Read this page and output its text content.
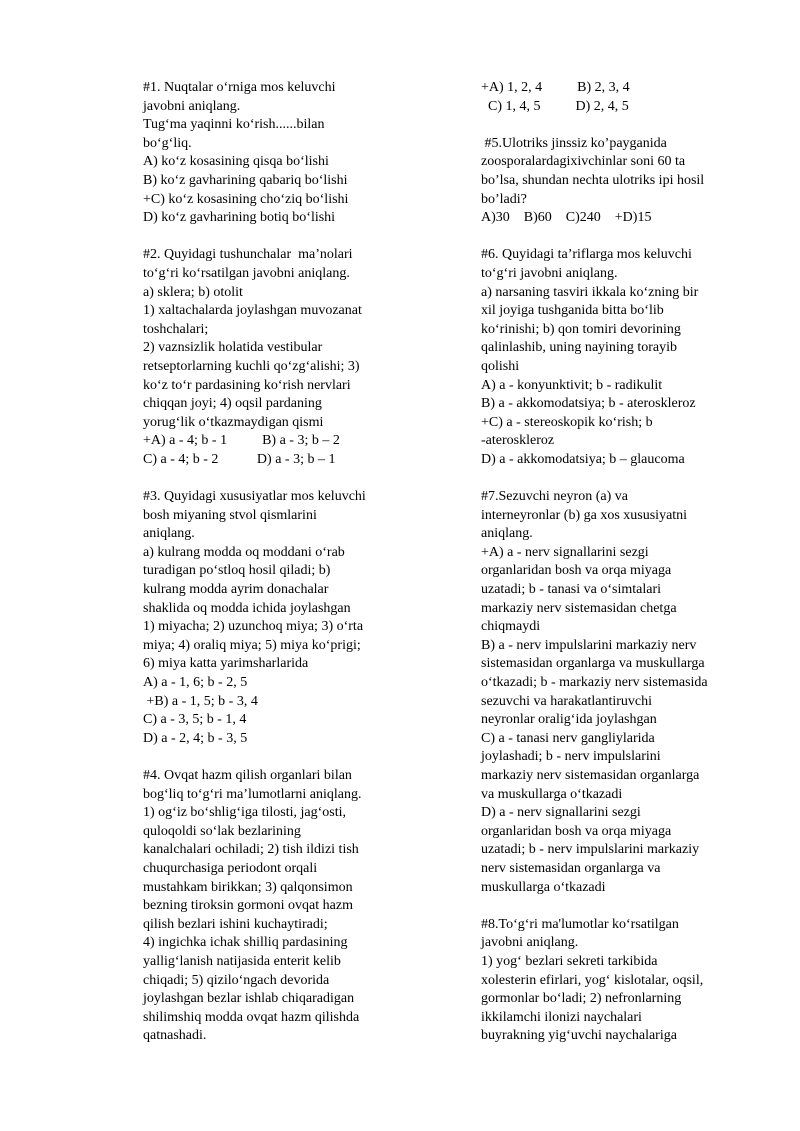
#1. Nuqtalar o‘rniga mos keluvchi
javobni aniqlang.
Tug‘ma yaqinni ko‘rish......bilan
bo‘g‘liq.
A) ko‘z kosasining qisqa bo‘lishi
B) ko‘z gavharining qabariq bo‘lishi
+C) ko‘z kosasining cho‘ziq bo‘lishi
D) ko‘z gavharining botiq bo‘lishi
#2. Quyidagi tushunchalar  ma’nolari
to‘g‘ri ko‘rsatilgan javobni aniqlang.
a) sklera; b) otolit
1) xaltachalarda joylashgan muvozanat
toshchalari;
2) vaznsizlik holatida vestibular
retseptorlarning kuchli qo‘zg‘alishi; 3)
ko‘z to‘r pardasining ko‘rish nervlari
chiqqan joyi; 4) oqsil pardaning
yorug‘lik o‘tkazmaydigan qismi
+A) a - 4; b - 1          B) a - 3; b – 2
C) a - 4; b - 2           D) a - 3; b – 1
#3. Quyidagi xususiyatlar mos keluvchi
bosh miyaning stvol qismlarini
aniqlang.
a) kulrang modda oq moddani o‘rab
turadigan po‘stloq hosil qiladi; b)
kulrang modda ayrim donachalar
shaklida oq modda ichida joylashgan
1) miyacha; 2) uzunchoq miya; 3) o‘rta
miya; 4) oraliq miya; 5) miya ko‘prigi;
6) miya katta yarimsharlarida
A) a - 1, 6; b - 2, 5
+B) a - 1, 5; b - 3, 4
C) a - 3, 5; b - 1, 4
D) a - 2, 4; b - 3, 5
#4. Ovqat hazm qilish organlari bilan
bog‘liq to‘g‘ri ma’lumotlarni aniqlang.
1) og‘iz bo‘shlig‘iga tilosti, jag‘osti,
quloqoldi so‘lak bezlarining
kanalchalari ochiladi; 2) tish ildizi tish
chuqurchasiga periodont orqali
mustahkam birikkan; 3) qalqonsimon
bezning tiroksin gormoni ovqat hazm
qilish bezlari ishini kuchaytiradi;
4) ingichka ichak shilliq pardasining
yallig‘lanish natijasida enterit kelib
chiqadi; 5) qizilo‘ngach devorida
joylashgan bezlar ishlab chiqaradigan
shilimshiq modda ovqat hazm qilishda
qatnashadi.
+A) 1, 2, 4          B) 2, 3, 4
C) 1, 4, 5          D) 2, 4, 5
#5.Ulotriks jinssiz ko’payganida
zoosporalardagixivchinlar soni 60 ta
bo’lsa, shundan nechta ulotriks ipi hosil
bo’ladi?
A)30    B)60    C)240    +D)15
#6. Quyidagi ta’riflarga mos keluvchi
to‘g‘ri javobni aniqlang.
a) narsaning tasviri ikkala ko‘zning bir
xil joyiga tushganida bitta bo‘lib
ko‘rinishi; b) qon tomiri devorining
qalinlashib, uning nayining torayib
qolishi
A) a - konyunktivit; b - radikulit
B) a - akkomodatsiya; b - ateroskleroz
+C) a - stereoskopik ko‘rish; b
-ateroskleroz
D) a - akkomodatsiya; b – glaucoma
#7.Sezuvchi neyron (a) va
interneyronlar (b) ga xos xususiyatni
aniqlang.
+A) a - nerv signallarini sezgi
organlaridan bosh va orqa miyaga
uzatadi; b - tanasi va o‘simtalari
markaziy nerv sistemasidan chetga
chiqmaydi
B) a - nerv impulslarini markaziy nerv
sistemasidan organlarga va muskullarga
o‘tkazadi; b - markaziy nerv sistemasida
sezuvchi va harakatlantiruvchi
neyronlar oralig‘ida joylashgan
C) a - tanasi nerv gangliylarida
joylashadi; b - nerv impulslarini
markaziy nerv sistemasidan organlarga
va muskullarga o‘tkazadi
D) a - nerv signallarini sezgi
organlaridan bosh va orqa miyaga
uzatadi; b - nerv impulslarini markaziy
nerv sistemasidan organlarga va
muskullarga o‘tkazadi
#8.To‘g‘ri ma'lumotlar ko‘rsatilgan
javobni aniqlang.
1) yog‘ bezlari sekreti tarkibida
xolesterin efirlari, yog‘ kislotalar, oqsil,
gormonlar bo‘ladi; 2) nefronlarning
ikkilamchi ilonizi naychalari
buyrakning yig‘uvchi naychalariga
